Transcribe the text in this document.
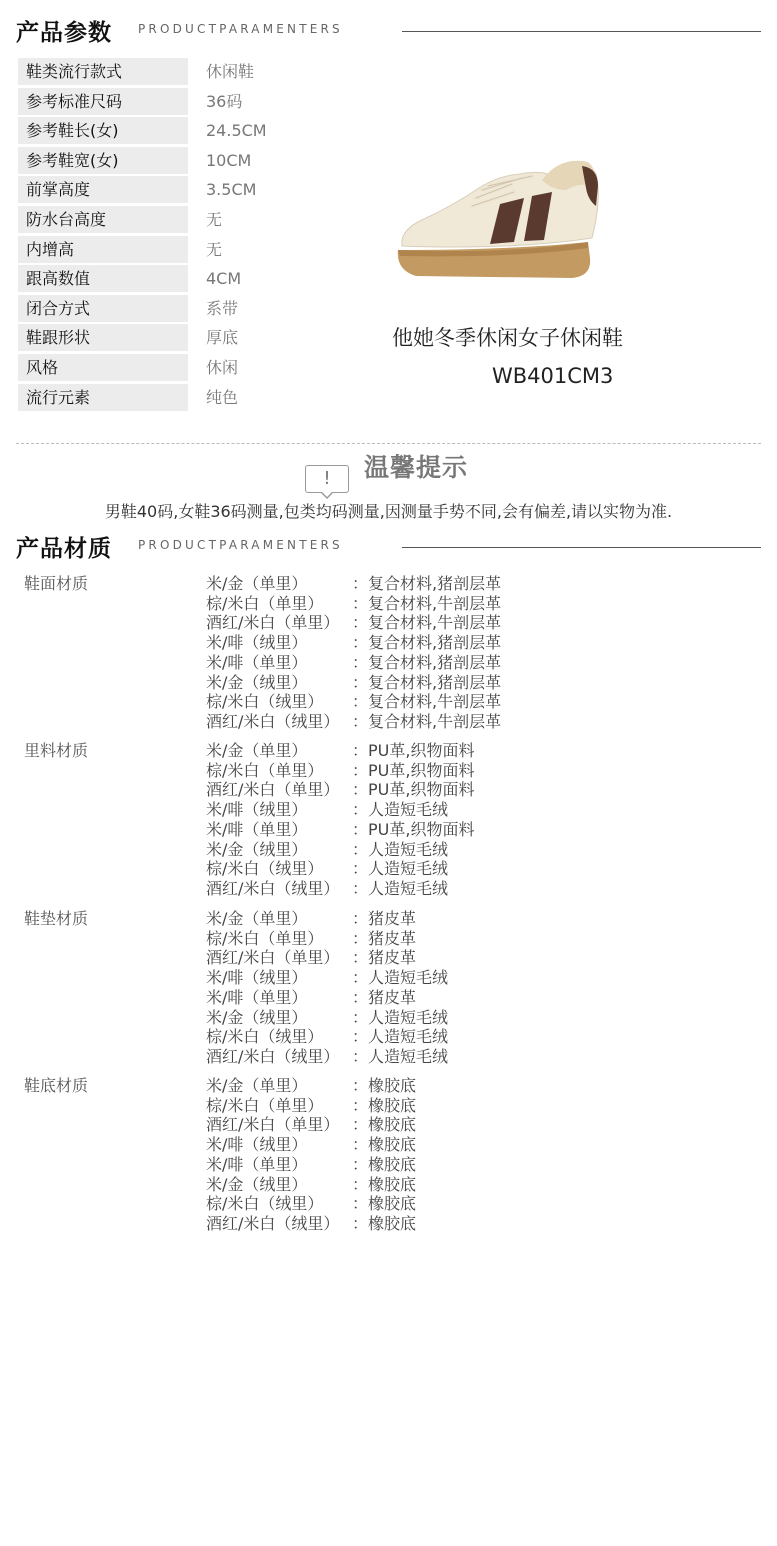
产品参数 PRODUCTPARAMENTERS
鞋类流行款式	休闲鞋
参考标准尺码	36码
参考鞋长(女)	24.5CM
参考鞋宽(女)	10CM
前掌高度	3.5CM
防水台高度	无
内增高	无
跟高数值	4CM
闭合方式	系带
鞋跟形状	厚底
风格	休闲
流行元素	纯色
他她冬季休闲女子休闲鞋
WB401CM3
!	温馨提示
男鞋40码,女鞋36码测量,包类均码测量,因测量手势不同,会有偏差,请以实物为准.
产品材质 PRODUCTPARAMENTERS
鞋面材质	米/金（单里）	：复合材料,猪剖层革
棕/米白（单里） ：复合材料,牛剖层革
酒红/米白（单里） ：复合材料,牛剖层革
米/啡（绒里）	：复合材料,猪剖层革
米/啡（单里）	：复合材料,猪剖层革
米/金（绒里）	：复合材料,猪剖层革
棕/米白（绒里） ：复合材料,牛剖层革
酒红/米白（绒里） ：复合材料,牛剖层革
里料材质	米/金（单里）	：PU革,织物面料
棕/米白（单里） ：PU革,织物面料
酒红/米白（单里） ：PU革,织物面料
米/啡（绒里）	：人造短毛绒
米/啡（单里）	：PU革,织物面料
米/金（绒里）	：人造短毛绒
棕/米白（绒里） ：人造短毛绒
酒红/米白（绒里） ：人造短毛绒
鞋垫材质	米/金（单里）	：猪皮革
棕/米白（单里） ：猪皮革
酒红/米白（单里） ：猪皮革
米/啡（绒里）	：人造短毛绒
米/啡（单里）	：猪皮革
米/金（绒里）	：人造短毛绒
棕/米白（绒里） ：人造短毛绒
酒红/米白（绒里） ：人造短毛绒
鞋底材质	米/金（单里）	：橡胶底
棕/米白（单里） ：橡胶底
酒红/米白（单里） ：橡胶底
米/啡（绒里）	：橡胶底
米/啡（单里）	：橡胶底
米/金（绒里）	：橡胶底
棕/米白（绒里） ：橡胶底
酒红/米白（绒里） ：橡胶底
